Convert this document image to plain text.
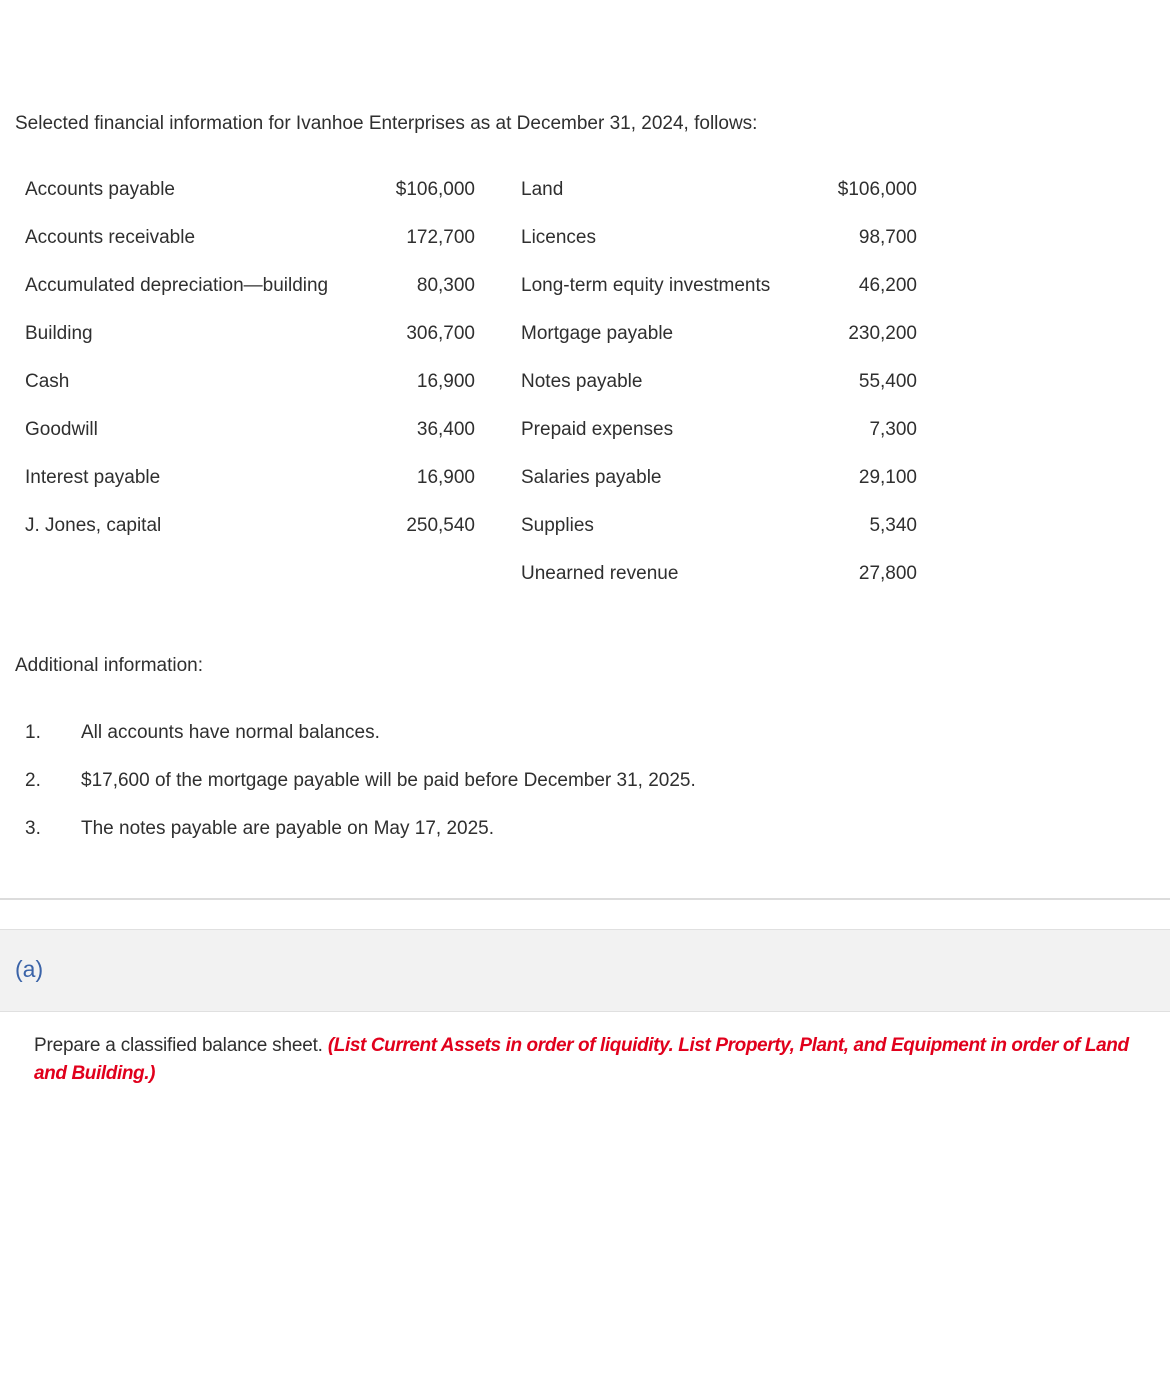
Selected financial information for Ivanhoe Enterprises as at December 31, 2024, follows:

Accounts payable	$106,000		Land	$106,000
Accounts receivable	172,700		Licences	98,700
Accumulated depreciation—building	80,300		Long-term equity investments	46,200
Building	306,700		Mortgage payable	230,200
Cash	16,900		Notes payable	55,400
Goodwill	36,400		Prepaid expenses	7,300
Interest payable	16,900		Salaries payable	29,100
J. Jones, capital	250,540		Supplies	5,340
			Unearned revenue	27,800

Additional information:

1.	All accounts have normal balances.
2.	$17,600 of the mortgage payable will be paid before December 31, 2025.
3.	The notes payable are payable on May 17, 2025.
(a)

Prepare a classified balance sheet. (List Current Assets in order of liquidity. List Property, Plant, and Equipment in order of Land and Building.)
